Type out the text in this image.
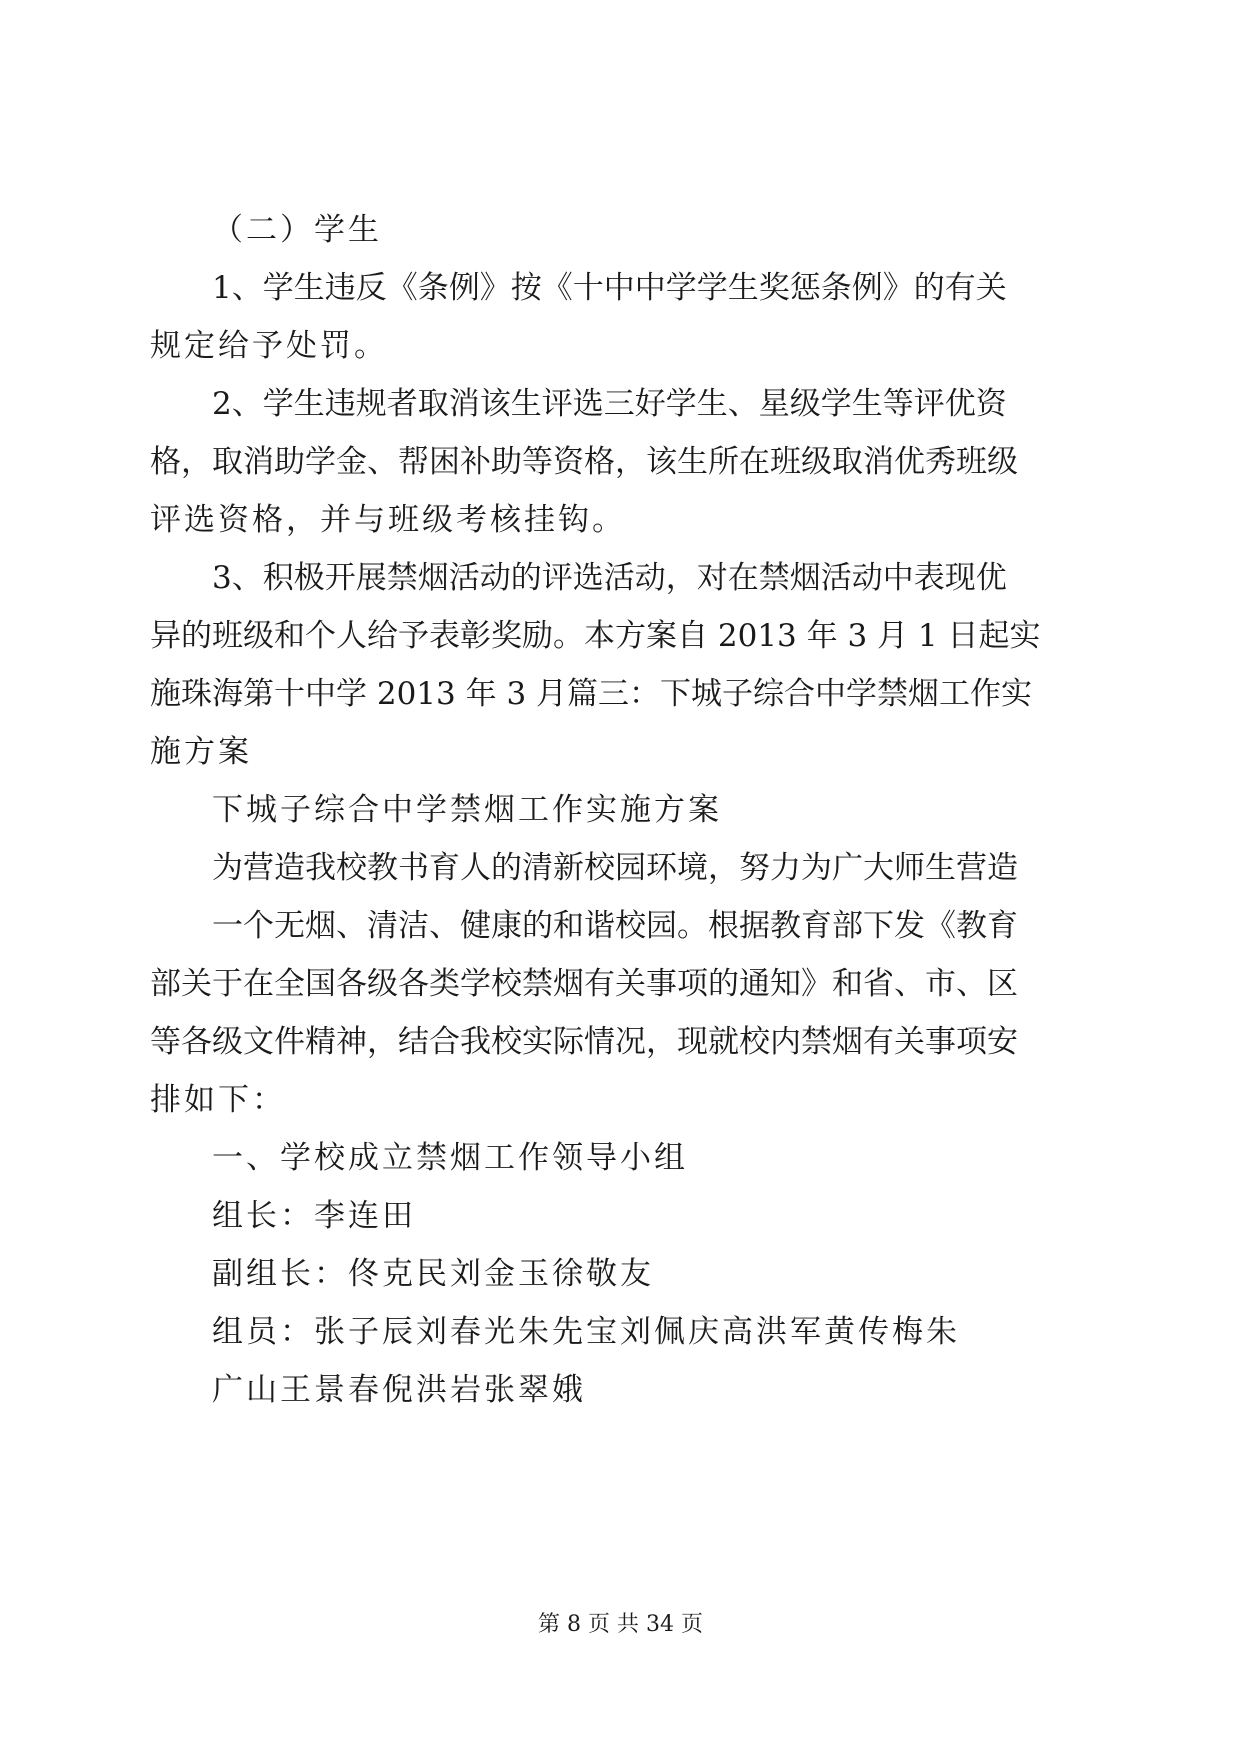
（二）学生
1、学生违反《条例》按《十中中学学生奖惩条例》的有关
规定给予处罚。
2、学生违规者取消该生评选三好学生、星级学生等评优资
格，取消助学金、帮困补助等资格，该生所在班级取消优秀班级
评选资格，并与班级考核挂钩。
3、积极开展禁烟活动的评选活动，对在禁烟活动中表现优
异的班级和个人给予表彰奖励。本方案自 2013 年 3 月 1 日起实
施珠海第十中学 2013 年 3 月篇三：下城子综合中学禁烟工作实
施方案
下城子综合中学禁烟工作实施方案
为营造我校教书育人的清新校园环境，努力为广大师生营造
一个无烟、清洁、健康的和谐校园。根据教育部下发《教育
部关于在全国各级各类学校禁烟有关事项的通知》和省、市、区
等各级文件精神，结合我校实际情况，现就校内禁烟有关事项安
排如下：
一、学校成立禁烟工作领导小组
组长：李连田
副组长：佟克民刘金玉徐敬友
组员：张子辰刘春光朱先宝刘佩庆高洪军黄传梅朱
广山王景春倪洪岩张翠娥
第 8 页 共 34 页
